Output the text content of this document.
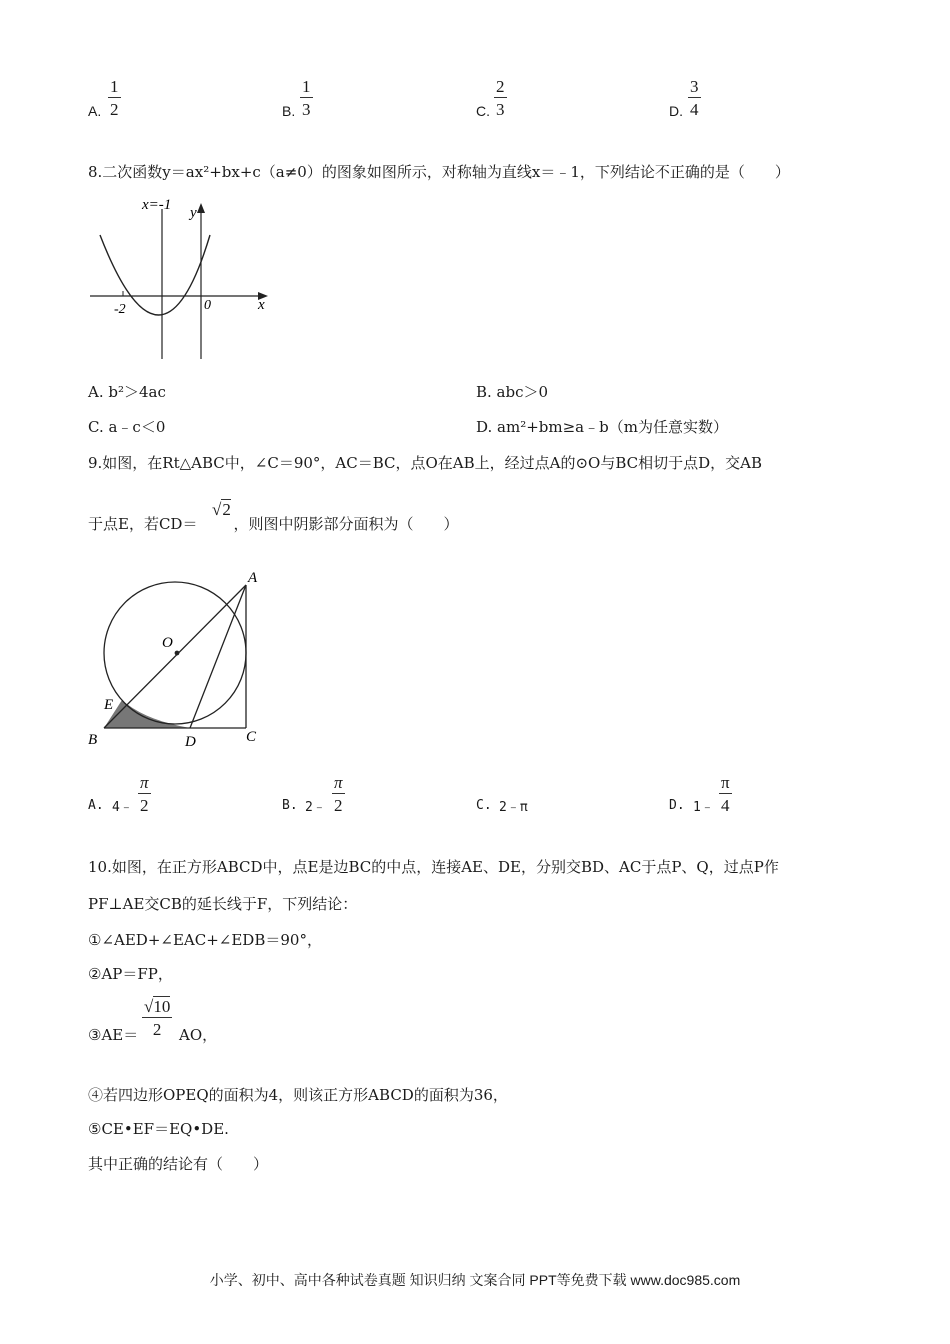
A.
1
2	B.
1
3	C.
2
3	D.
3
4
8.二次函数y＝ax²+bx+c（a≠0）的图象如图所示，对称轴为直线x＝﹣1，下列结论不正确的是（　　）
x=-1 y
x
-2	0
A. b²＞4ac	B. abc＞0
C. a﹣c＜0	D. am²+bm≥a﹣b（m为任意实数）
9.如图，在Rt△ABC中，∠C＝90°，AC＝BC，点O在AB上，经过点A的⊙O与BC相切于点D，交AB
于点E，若CD＝ ，则图中阴影部分面积为（　　）
√2
A
O
E
B	D	C
A. 4﹣
π
2	B. 2﹣
π
2	C. 2﹣π	D. 1﹣
π
4
10.如图，在正方形ABCD中，点E是边BC的中点，连接AE、DE，分别交BD、AC于点P、Q，过点P作
PF⊥AE交CB的延长线于F，下列结论：
①∠AED+∠EAC+∠EDB＝90°，
②AP＝FP，
③AE＝
√10
2 AO，
④若四边形OPEQ的面积为4，则该正方形ABCD的面积为36，
⑤CE•EF＝EQ•DE.
其中正确的结论有（　　）
小学、初中、高中各种试卷真题 知识归纳 文案合同 PPT等免费下载 www.doc985.com
